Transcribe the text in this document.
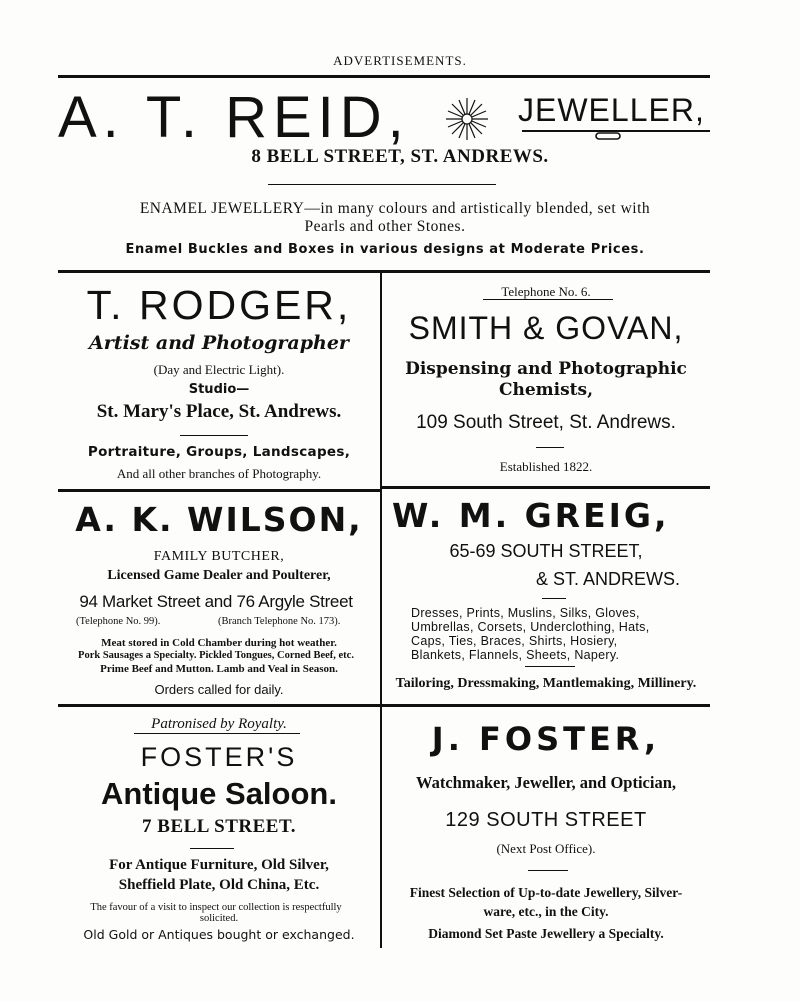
ADVERTISEMENTS.
A. T. REID,	JEWELLER,
8 BELL STREET, ST. ANDREWS.
ENAMEL JEWELLERY—in many colours and artistically blended, set with
Pearls and other Stones.
Enamel Buckles and Boxes in various designs at Moderate Prices.
T. RODGER,
Artist and Photographer
(Day and Electric Light).
Studio—
St. Mary's Place, St. Andrews.
Portraiture, Groups, Landscapes,
And all other branches of Photography.
Telephone No. 6.
SMITH & GOVAN,
Dispensing and Photographic
Chemists,
109 South Street, St. Andrews.
Established 1822.
A. K. WILSON,
FAMILY BUTCHER,
Licensed Game Dealer and Poulterer,
94 Market Street and 76 Argyle Street
(Telephone No. 99).	(Branch Telephone No. 173).
Meat stored in Cold Chamber during hot weather.
Pork Sausages a Specialty. Pickled Tongues, Corned Beef, etc.
Prime Beef and Mutton. Lamb and Veal in Season.
Orders called for daily.
W. M. GREIG,
65-69 SOUTH STREET,
& ST. ANDREWS.
Dresses, Prints, Muslins, Silks, Gloves,
Umbrellas, Corsets, Underclothing, Hats,
Caps, Ties, Braces, Shirts, Hosiery,
Blankets, Flannels, Sheets, Napery.
Tailoring, Dressmaking, Mantlemaking, Millinery.
Patronised by Royalty.
FOSTER'S
Antique Saloon.
7 BELL STREET.
For Antique Furniture, Old Silver,
Sheffield Plate, Old China, Etc.
The favour of a visit to inspect our collection is respectfully
solicited.
Old Gold or Antiques bought or exchanged.
J. FOSTER,
Watchmaker, Jeweller, and Optician,
129 SOUTH STREET
(Next Post Office).
Finest Selection of Up-to-date Jewellery, Silver-
ware, etc., in the City.
Diamond Set Paste Jewellery a Specialty.
